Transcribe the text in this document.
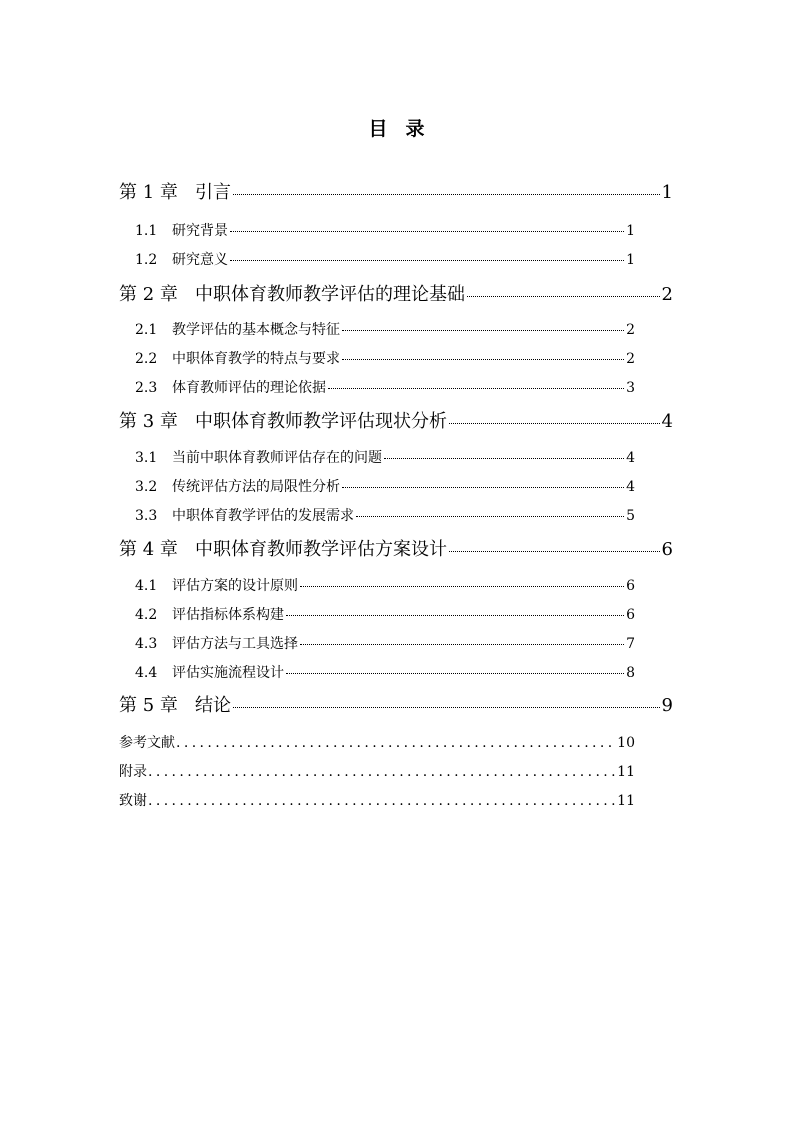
目 录
第 1 章 引言	1
1.1	研究背景	1
1.2	研究意义	1
第 2 章 中职体育教师教学评估的理论基础	2
2.1	教学评估的基本概念与特征	2
2.2	中职体育教学的特点与要求	2
2.3	体育教师评估的理论依据	3
第 3 章 中职体育教师教学评估现状分析	4
3.1	当前中职体育教师评估存在的问题	4
3.2	传统评估方法的局限性分析	4
3.3	中职体育教学评估的发展需求	5
第 4 章 中职体育教师教学评估方案设计	6
4.1	评估方案的设计原则	6
4.2	评估指标体系构建	6
4.3	评估方法与工具选择	7
4.4	评估实施流程设计	8
第 5 章 结论	9
参考文献 .....	10
附录 .....	11
致谢 .....	11
